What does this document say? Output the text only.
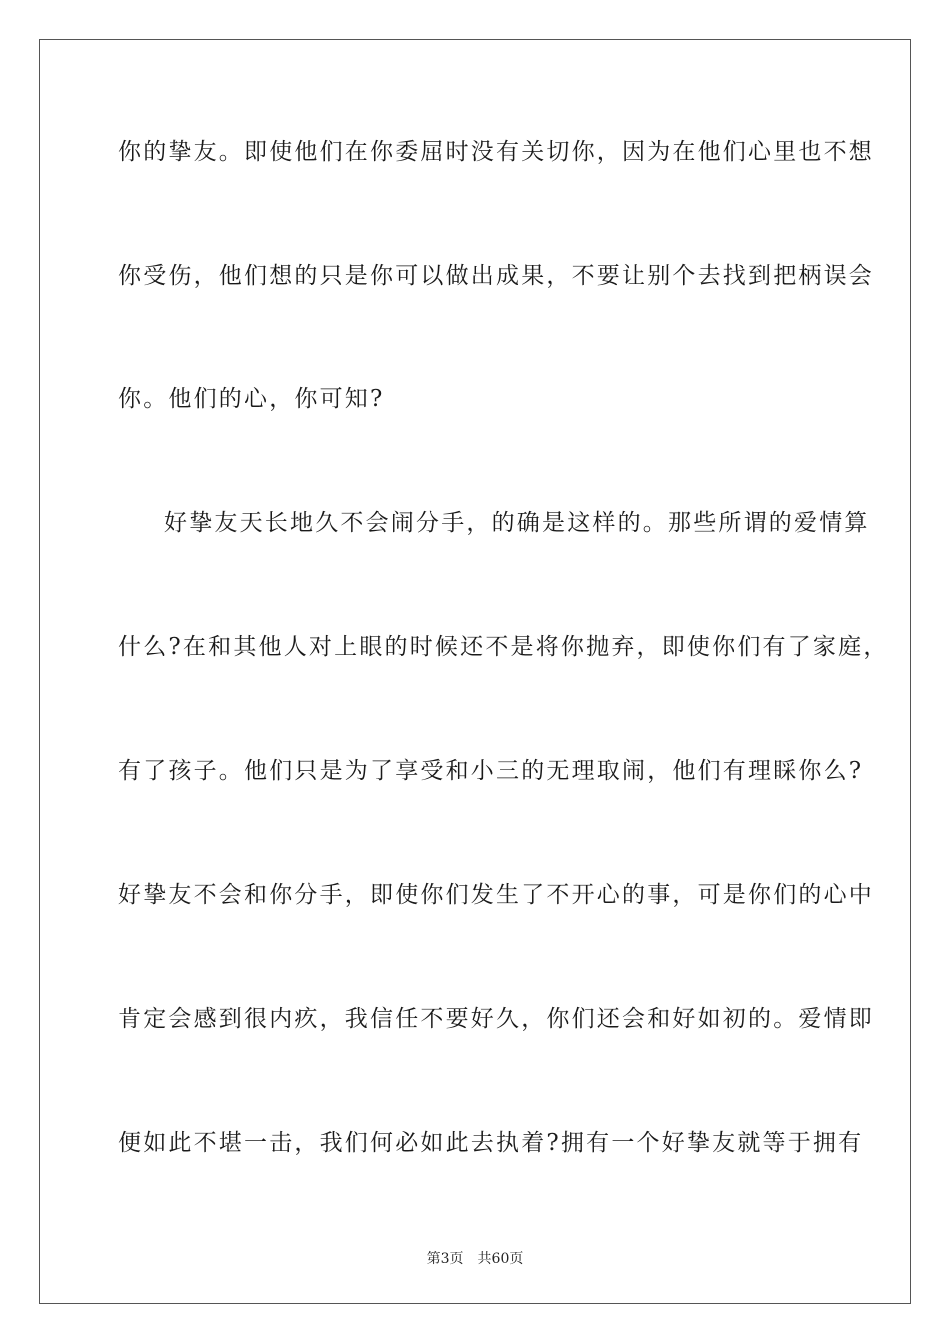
你的挚友。即使他们在你委屈时没有关切你，因为在他们心里也不想
你受伤，他们想的只是你可以做出成果，不要让别个去找到把柄误会
你。他们的心，你可知?
好挚友天长地久不会闹分手，的确是这样的。那些所谓的爱情算
什么?在和其他人对上眼的时候还不是将你抛弃，即使你们有了家庭，
有了孩子。他们只是为了享受和小三的无理取闹，他们有理睬你么?
好挚友不会和你分手，即使你们发生了不开心的事，可是你们的心中
肯定会感到很内疚，我信任不要好久，你们还会和好如初的。爱情即
便如此不堪一击，我们何必如此去执着?拥有一个好挚友就等于拥有
第3页 共60页
